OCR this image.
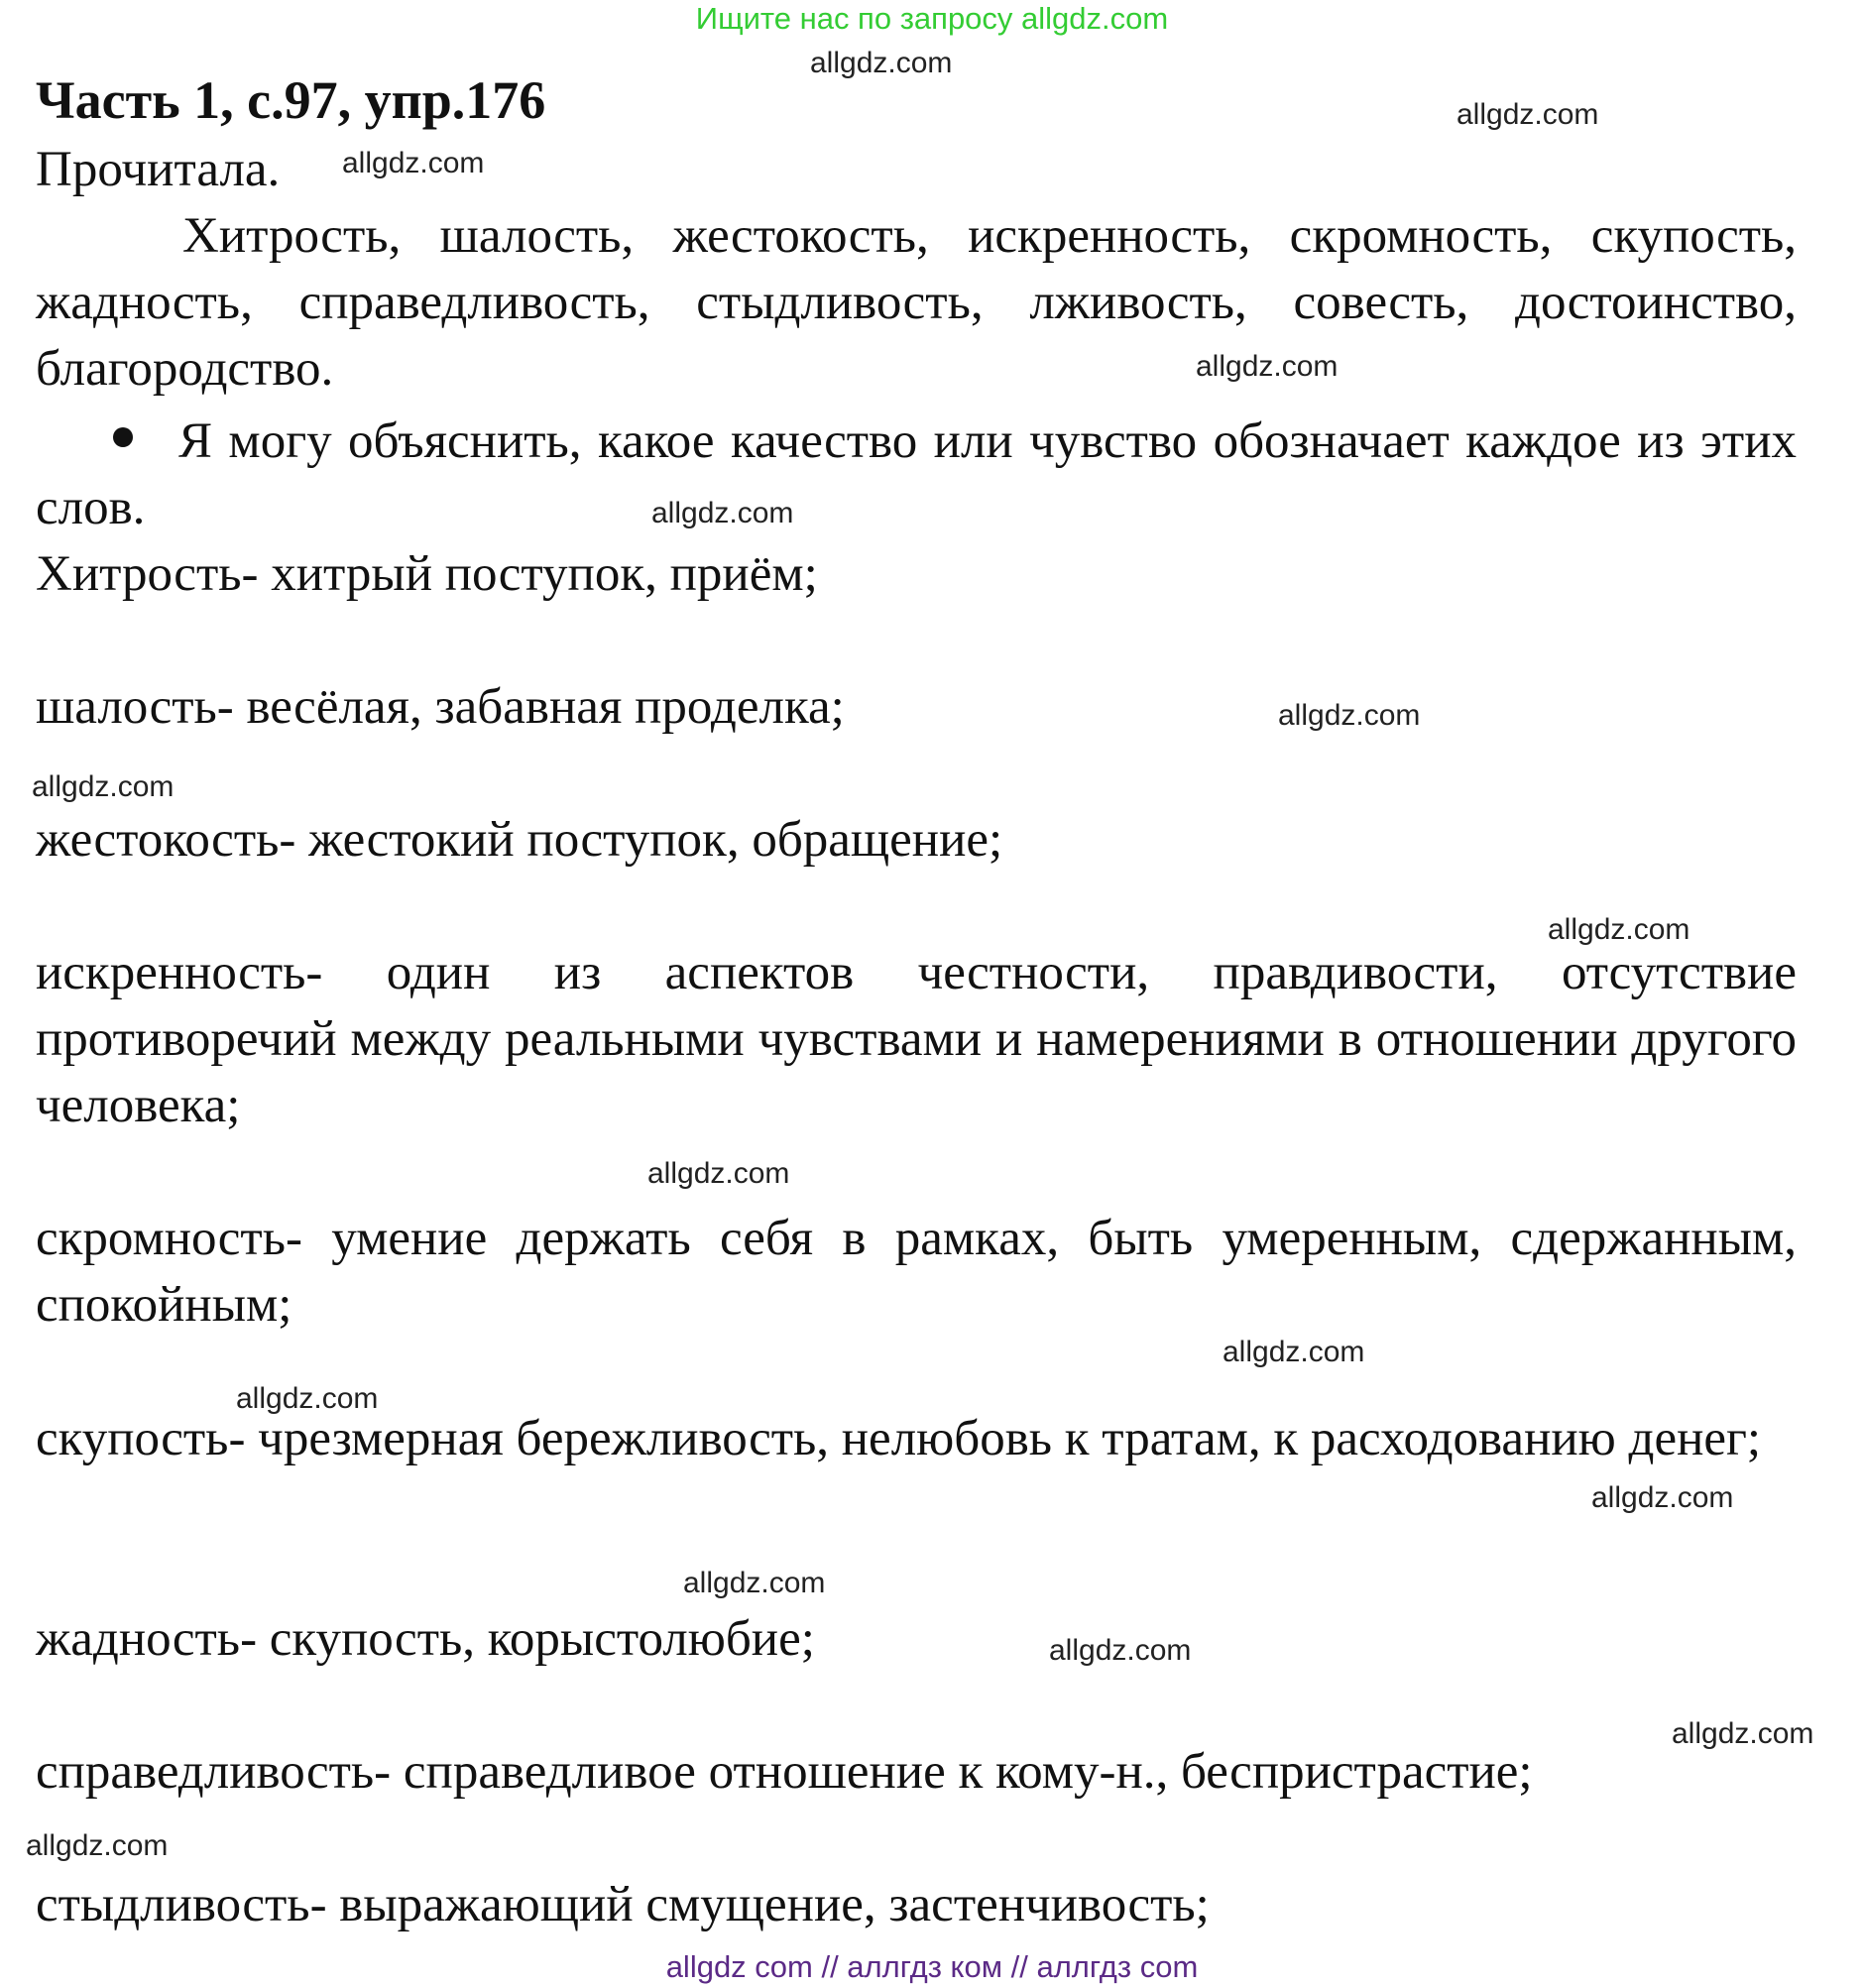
Ищите нас по запросу allgdz.com
allgdz.com
allgdz.com
allgdz.com
allgdz.com
allgdz.com
allgdz.com
allgdz.com
allgdz.com
allgdz.com
allgdz.com
allgdz.com
allgdz.com
allgdz.com
allgdz.com
allgdz.com
allgdz.com
Часть 1, с.97, упр.176
Прочитала.
Хитрость, шалость, жестокость, искренность, скромность, скупость, жадность, справедливость, стыдливость, лживость, совесть, достоинство, благородство.
Я могу объяснить, какое качество или чувство обозначает каждое из этих слов.
Хитрость- хитрый поступок, приём;
шалость- весёлая, забавная проделка;
жестокость- жестокий поступок, обращение;
искренность- один из аспектов честности, правдивости, отсутствие противоречий между реальными чувствами и намерениями в отношении другого человека;
скромность- умение держать себя в рамках, быть умеренным, сдержанным, спокойным;
скупость- чрезмерная бережливость, нелюбовь к тратам, к расходованию денег;
жадность- скупость, корыстолюбие;
справедливость- справедливое отношение к кому-н., беспристрастие;
стыдливость- выражающий смущение, застенчивость;
allgdz com // аллгдз ком // аллгдз com
